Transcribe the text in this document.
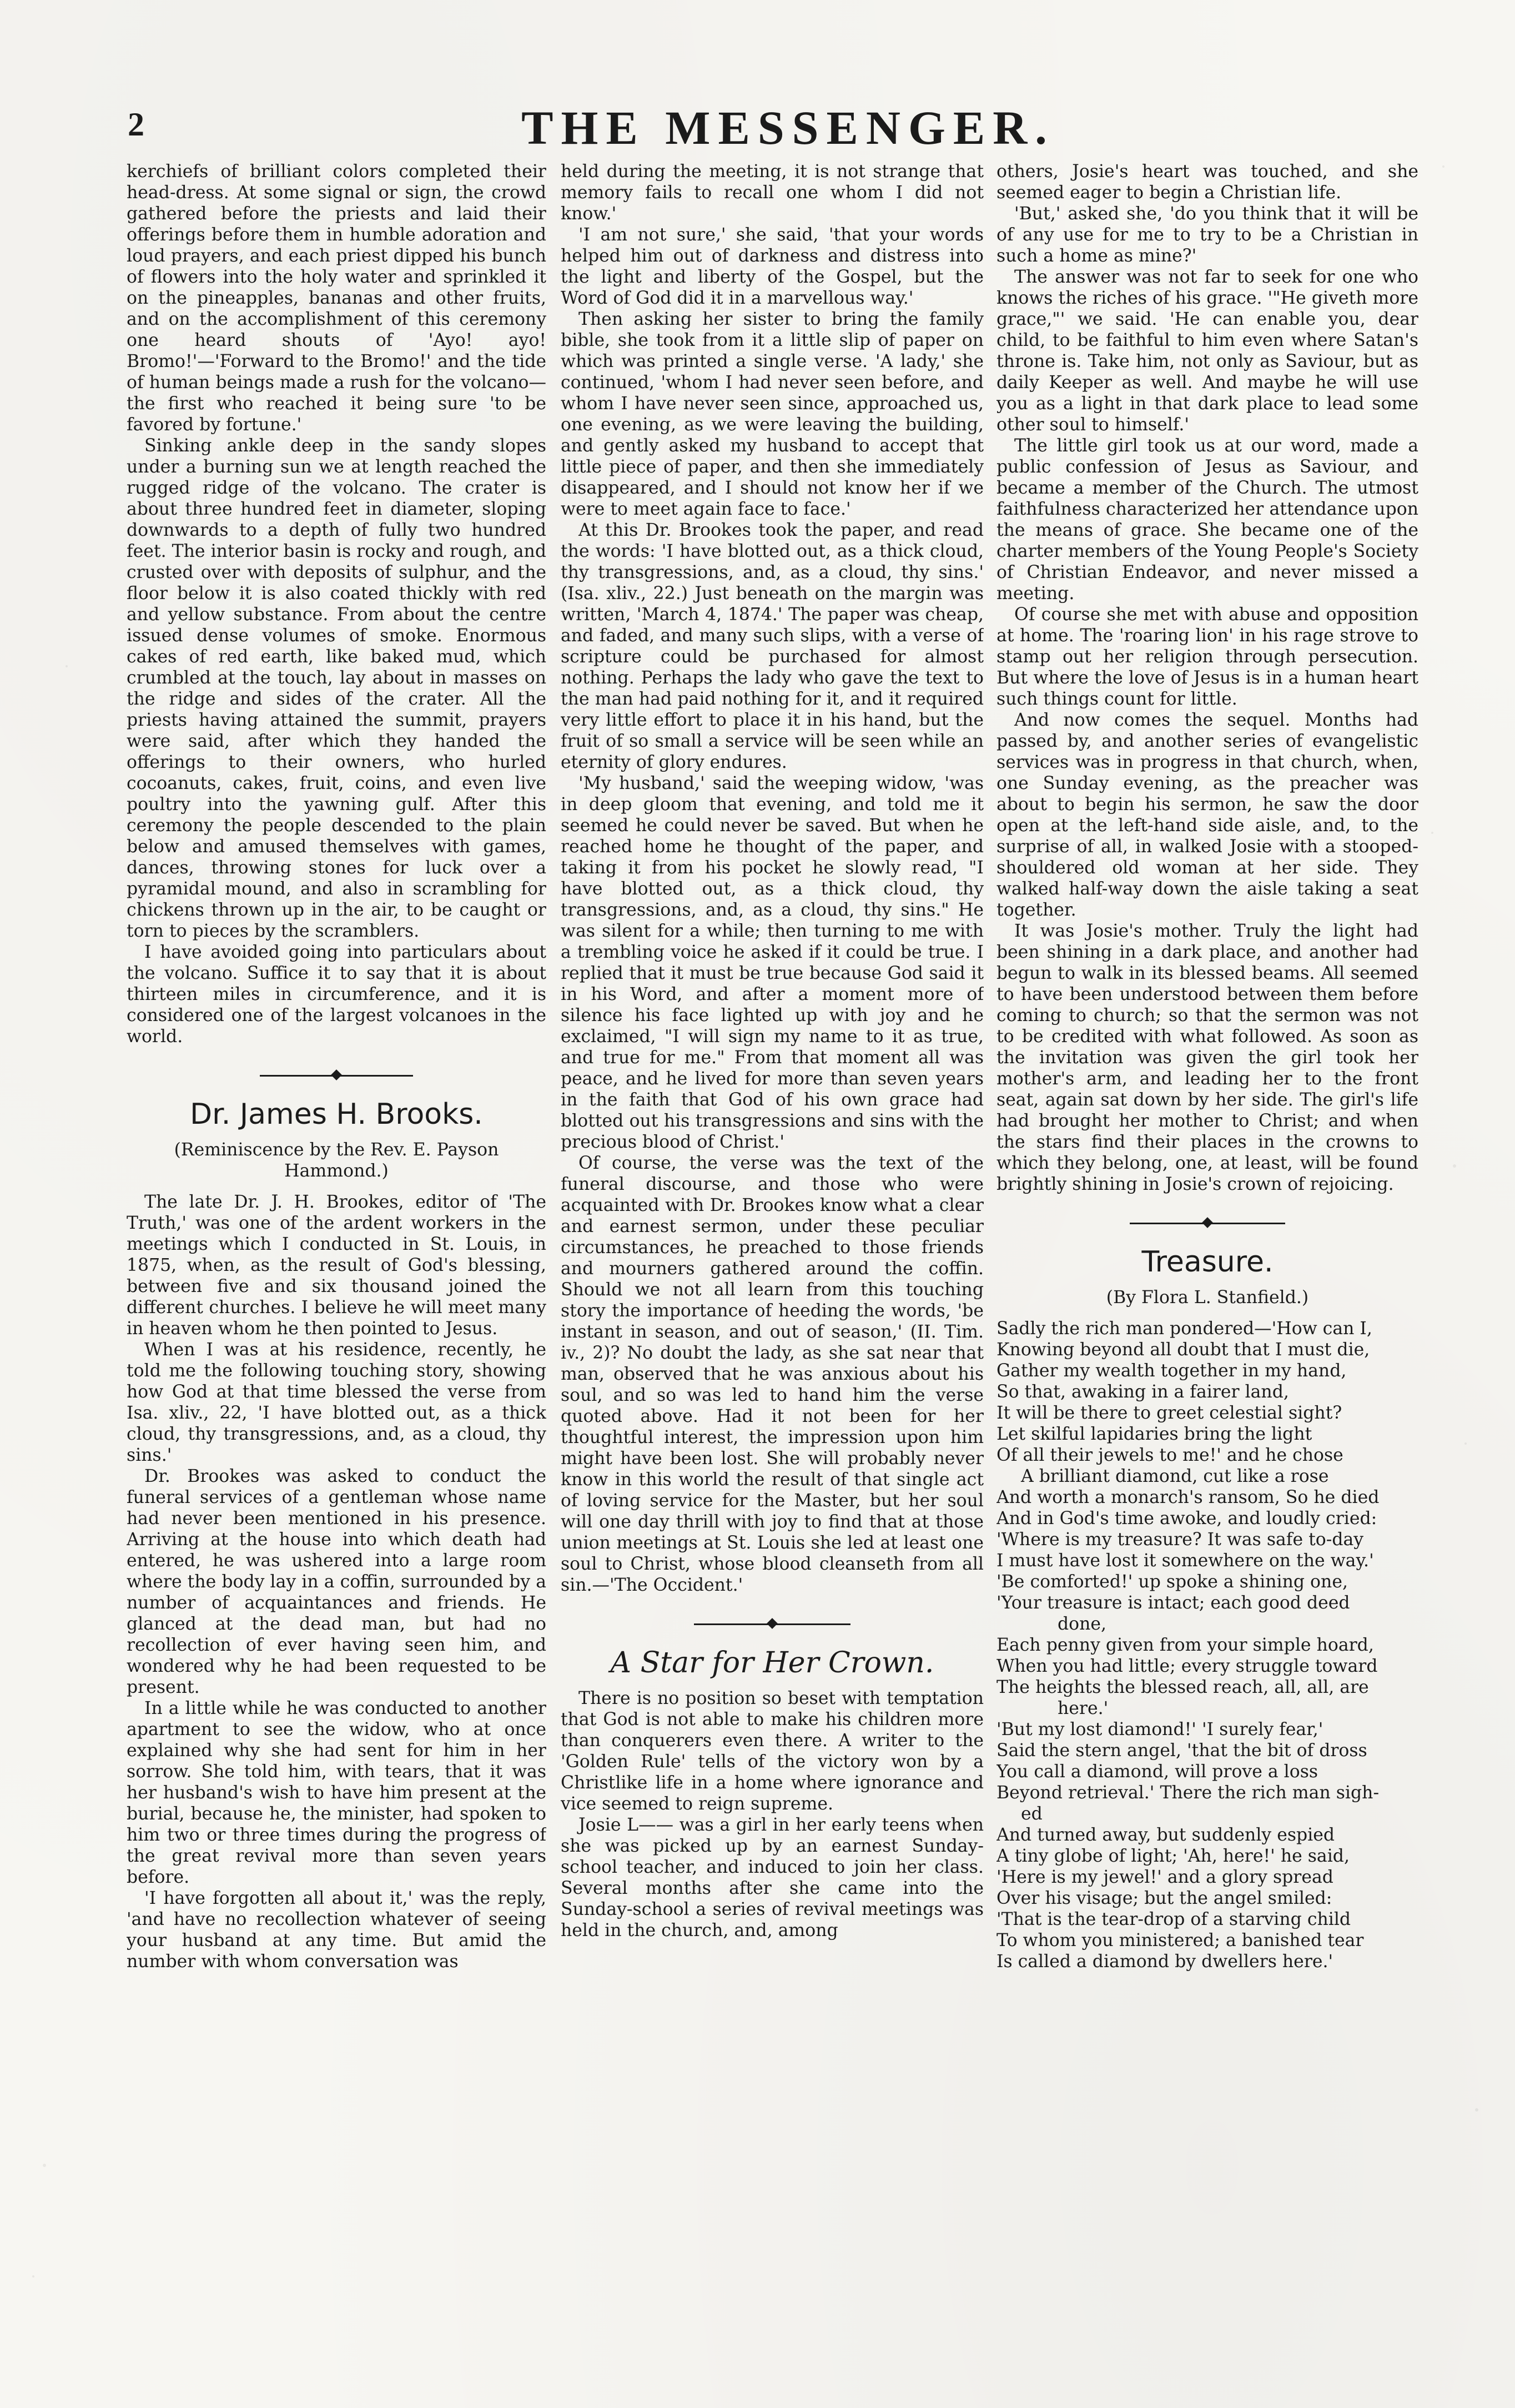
2	THE MESSENGER.

kerchiefs of brilliant colors completed their head-dress. At some signal or sign, the crowd gathered before the priests and laid their offerings before them in humble adoration and loud prayers, and each priest dipped his bunch of flowers into the holy water and sprinkled it on the pineapples, bananas and other fruits, and on the accomplishment of this ceremony one heard shouts of 'Ayo! ayo! Bromo!'—'Forward to the Bromo!' and the tide of human beings made a rush for the volcano—the first who reached it being sure 'to be favored by fortune.'

Sinking ankle deep in the sandy slopes under a burning sun we at length reached the rugged ridge of the volcano. The crater is about three hundred feet in diameter, sloping downwards to a depth of fully two hundred feet. The interior basin is rocky and rough, and crusted over with deposits of sulphur, and the floor below it is also coated thickly with red and yellow substance. From about the centre issued dense volumes of smoke. Enormous cakes of red earth, like baked mud, which crumbled at the touch, lay about in masses on the ridge and sides of the crater. All the priests having attained the summit, prayers were said, after which they handed the offerings to their owners, who hurled cocoanuts, cakes, fruit, coins, and even live poultry into the yawning gulf. After this ceremony the people descended to the plain below and amused themselves with games, dances, throwing stones for luck over a pyramidal mound, and also in scrambling for chickens thrown up in the air, to be caught or torn to pieces by the scramblers.

I have avoided going into particulars about the volcano. Suffice it to say that it is about thirteen miles in circumference, and it is considered one of the largest volcanoes in the world.

Dr. James H. Brooks.

(Reminiscence by the Rev. E. Payson Hammond.)

The late Dr. J. H. Brookes, editor of 'The Truth,' was one of the ardent workers in the meetings which I conducted in St. Louis, in 1875, when, as the result of God's blessing, between five and six thousand joined the different churches. I believe he will meet many in heaven whom he then pointed to Jesus.

When I was at his residence, recently, he told me the following touching story, showing how God at that time blessed the verse from Isa. xliv., 22, 'I have blotted out, as a thick cloud, thy transgressions, and, as a cloud, thy sins.'

Dr. Brookes was asked to conduct the funeral services of a gentleman whose name had never been mentioned in his presence. Arriving at the house into which death had entered, he was ushered into a large room where the body lay in a coffin, surrounded by a number of acquaintances and friends. He glanced at the dead man, but had no recollection of ever having seen him, and wondered why he had been requested to be present.

In a little while he was conducted to another apartment to see the widow, who at once explained why she had sent for him in her sorrow. She told him, with tears, that it was her husband's wish to have him present at the burial, because he, the minister, had spoken to him two or three times during the progress of the great revival more than seven years before.

'I have forgotten all about it,' was the reply, 'and have no recollection whatever of seeing your husband at any time. But amid the number with whom conversation was

held during the meeting, it is not strange that memory fails to recall one whom I did not know.'

'I am not sure,' she said, 'that your words helped him out of darkness and distress into the light and liberty of the Gospel, but the Word of God did it in a marvellous way.'

Then asking her sister to bring the family bible, she took from it a little slip of paper on which was printed a single verse. 'A lady,' she continued, 'whom I had never seen before, and whom I have never seen since, approached us, one evening, as we were leaving the building, and gently asked my husband to accept that little piece of paper, and then she immediately disappeared, and I should not know her if we were to meet again face to face.'

At this Dr. Brookes took the paper, and read the words: 'I have blotted out, as a thick cloud, thy transgressions, and, as a cloud, thy sins.' (Isa. xliv., 22.) Just beneath on the margin was written, 'March 4, 1874.' The paper was cheap, and faded, and many such slips, with a verse of scripture could be purchased for almost nothing. Perhaps the lady who gave the text to the man had paid nothing for it, and it required very little effort to place it in his hand, but the fruit of so small a service will be seen while an eternity of glory endures.

'My husband,' said the weeping widow, 'was in deep gloom that evening, and told me it seemed he could never be saved. But when he reached home he thought of the paper, and taking it from his pocket he slowly read, "I have blotted out, as a thick cloud, thy transgressions, and, as a cloud, thy sins." He was silent for a while; then turning to me with a trembling voice he asked if it could be true. I replied that it must be true because God said it in his Word, and after a moment more of silence his face lighted up with joy and he exclaimed, "I will sign my name to it as true, and true for me." From that moment all was peace, and he lived for more than seven years in the faith that God of his own grace had blotted out his transgressions and sins with the precious blood of Christ.'

Of course, the verse was the text of the funeral discourse, and those who were acquainted with Dr. Brookes know what a clear and earnest sermon, under these peculiar circumstances, he preached to those friends and mourners gathered around the coffin. Should we not all learn from this touching story the importance of heeding the words, 'be instant in season, and out of season,' (II. Tim. iv., 2)? No doubt the lady, as she sat near that man, observed that he was anxious about his soul, and so was led to hand him the verse quoted above. Had it not been for her thoughtful interest, the impression upon him might have been lost. She will probably never know in this world the result of that single act of loving service for the Master, but her soul will one day thrill with joy to find that at those union meetings at St. Louis she led at least one soul to Christ, whose blood cleanseth from all sin.—'The Occident.'

A Star for Her Crown.

There is no position so beset with temptation that God is not able to make his children more than conquerers even there. A writer to the 'Golden Rule' tells of the victory won by a Christlike life in a home where ignorance and vice seemed to reign supreme.

Josie L—— was a girl in her early teens when she was picked up by an earnest Sunday-school teacher, and induced to join her class. Several months after she came into the Sunday-school a series of revival meetings was held in the church, and, among

others, Josie's heart was touched, and she seemed eager to begin a Christian life.

'But,' asked she, 'do you think that it will be of any use for me to try to be a Christian in such a home as mine?'

The answer was not far to seek for one who knows the riches of his grace. '"He giveth more grace,"' we said. 'He can enable you, dear child, to be faithful to him even where Satan's throne is. Take him, not only as Saviour, but as daily Keeper as well. And maybe he will use you as a light in that dark place to lead some other soul to himself.'

The little girl took us at our word, made a public confession of Jesus as Saviour, and became a member of the Church. The utmost faithfulness characterized her attendance upon the means of grace. She became one of the charter members of the Young People's Society of Christian Endeavor, and never missed a meeting.

Of course she met with abuse and opposition at home. The 'roaring lion' in his rage strove to stamp out her religion through persecution. But where the love of Jesus is in a human heart such things count for little.

And now comes the sequel. Months had passed by, and another series of evangelistic services was in progress in that church, when, one Sunday evening, as the preacher was about to begin his sermon, he saw the door open at the left-hand side aisle, and, to the surprise of all, in walked Josie with a stooped-shouldered old woman at her side. They walked half-way down the aisle taking a seat together.

It was Josie's mother. Truly the light had been shining in a dark place, and another had begun to walk in its blessed beams. All seemed to have been understood between them before coming to church; so that the sermon was not to be credited with what followed. As soon as the invitation was given the girl took her mother's arm, and leading her to the front seat, again sat down by her side. The girl's life had brought her mother to Christ; and when the stars find their places in the crowns to which they belong, one, at least, will be found brightly shining in Josie's crown of rejoicing.

Treasure.

(By Flora L. Stanfield.)

Sadly the rich man pondered—'How can I,

Knowing beyond all doubt that I must die,

Gather my wealth together in my hand,

So that, awaking in a fairer land,

It will be there to greet celestial sight?

Let skilful lapidaries bring the light

Of all their jewels to me!' and he chose

A brilliant diamond, cut like a rose

And worth a monarch's ransom, So he died

And in God's time awoke, and loudly cried:

'Where is my treasure? It was safe to-day

I must have lost it somewhere on the way.'

'Be comforted!' up spoke a shining one,

'Your treasure is intact; each good deed

done,

Each penny given from your simple hoard,

When you had little; every struggle toward

The heights the blessed reach, all, all, are

here.'

'But my lost diamond!' 'I surely fear,'

Said the stern angel, 'that the bit of dross

You call a diamond, will prove a loss

Beyond retrieval.' There the rich man sigh-

ed

And turned away, but suddenly espied

A tiny globe of light; 'Ah, here!' he said,

'Here is my jewel!' and a glory spread

Over his visage; but the angel smiled:

'That is the tear-drop of a starving child

To whom you ministered; a banished tear

Is called a diamond by dwellers here.'
